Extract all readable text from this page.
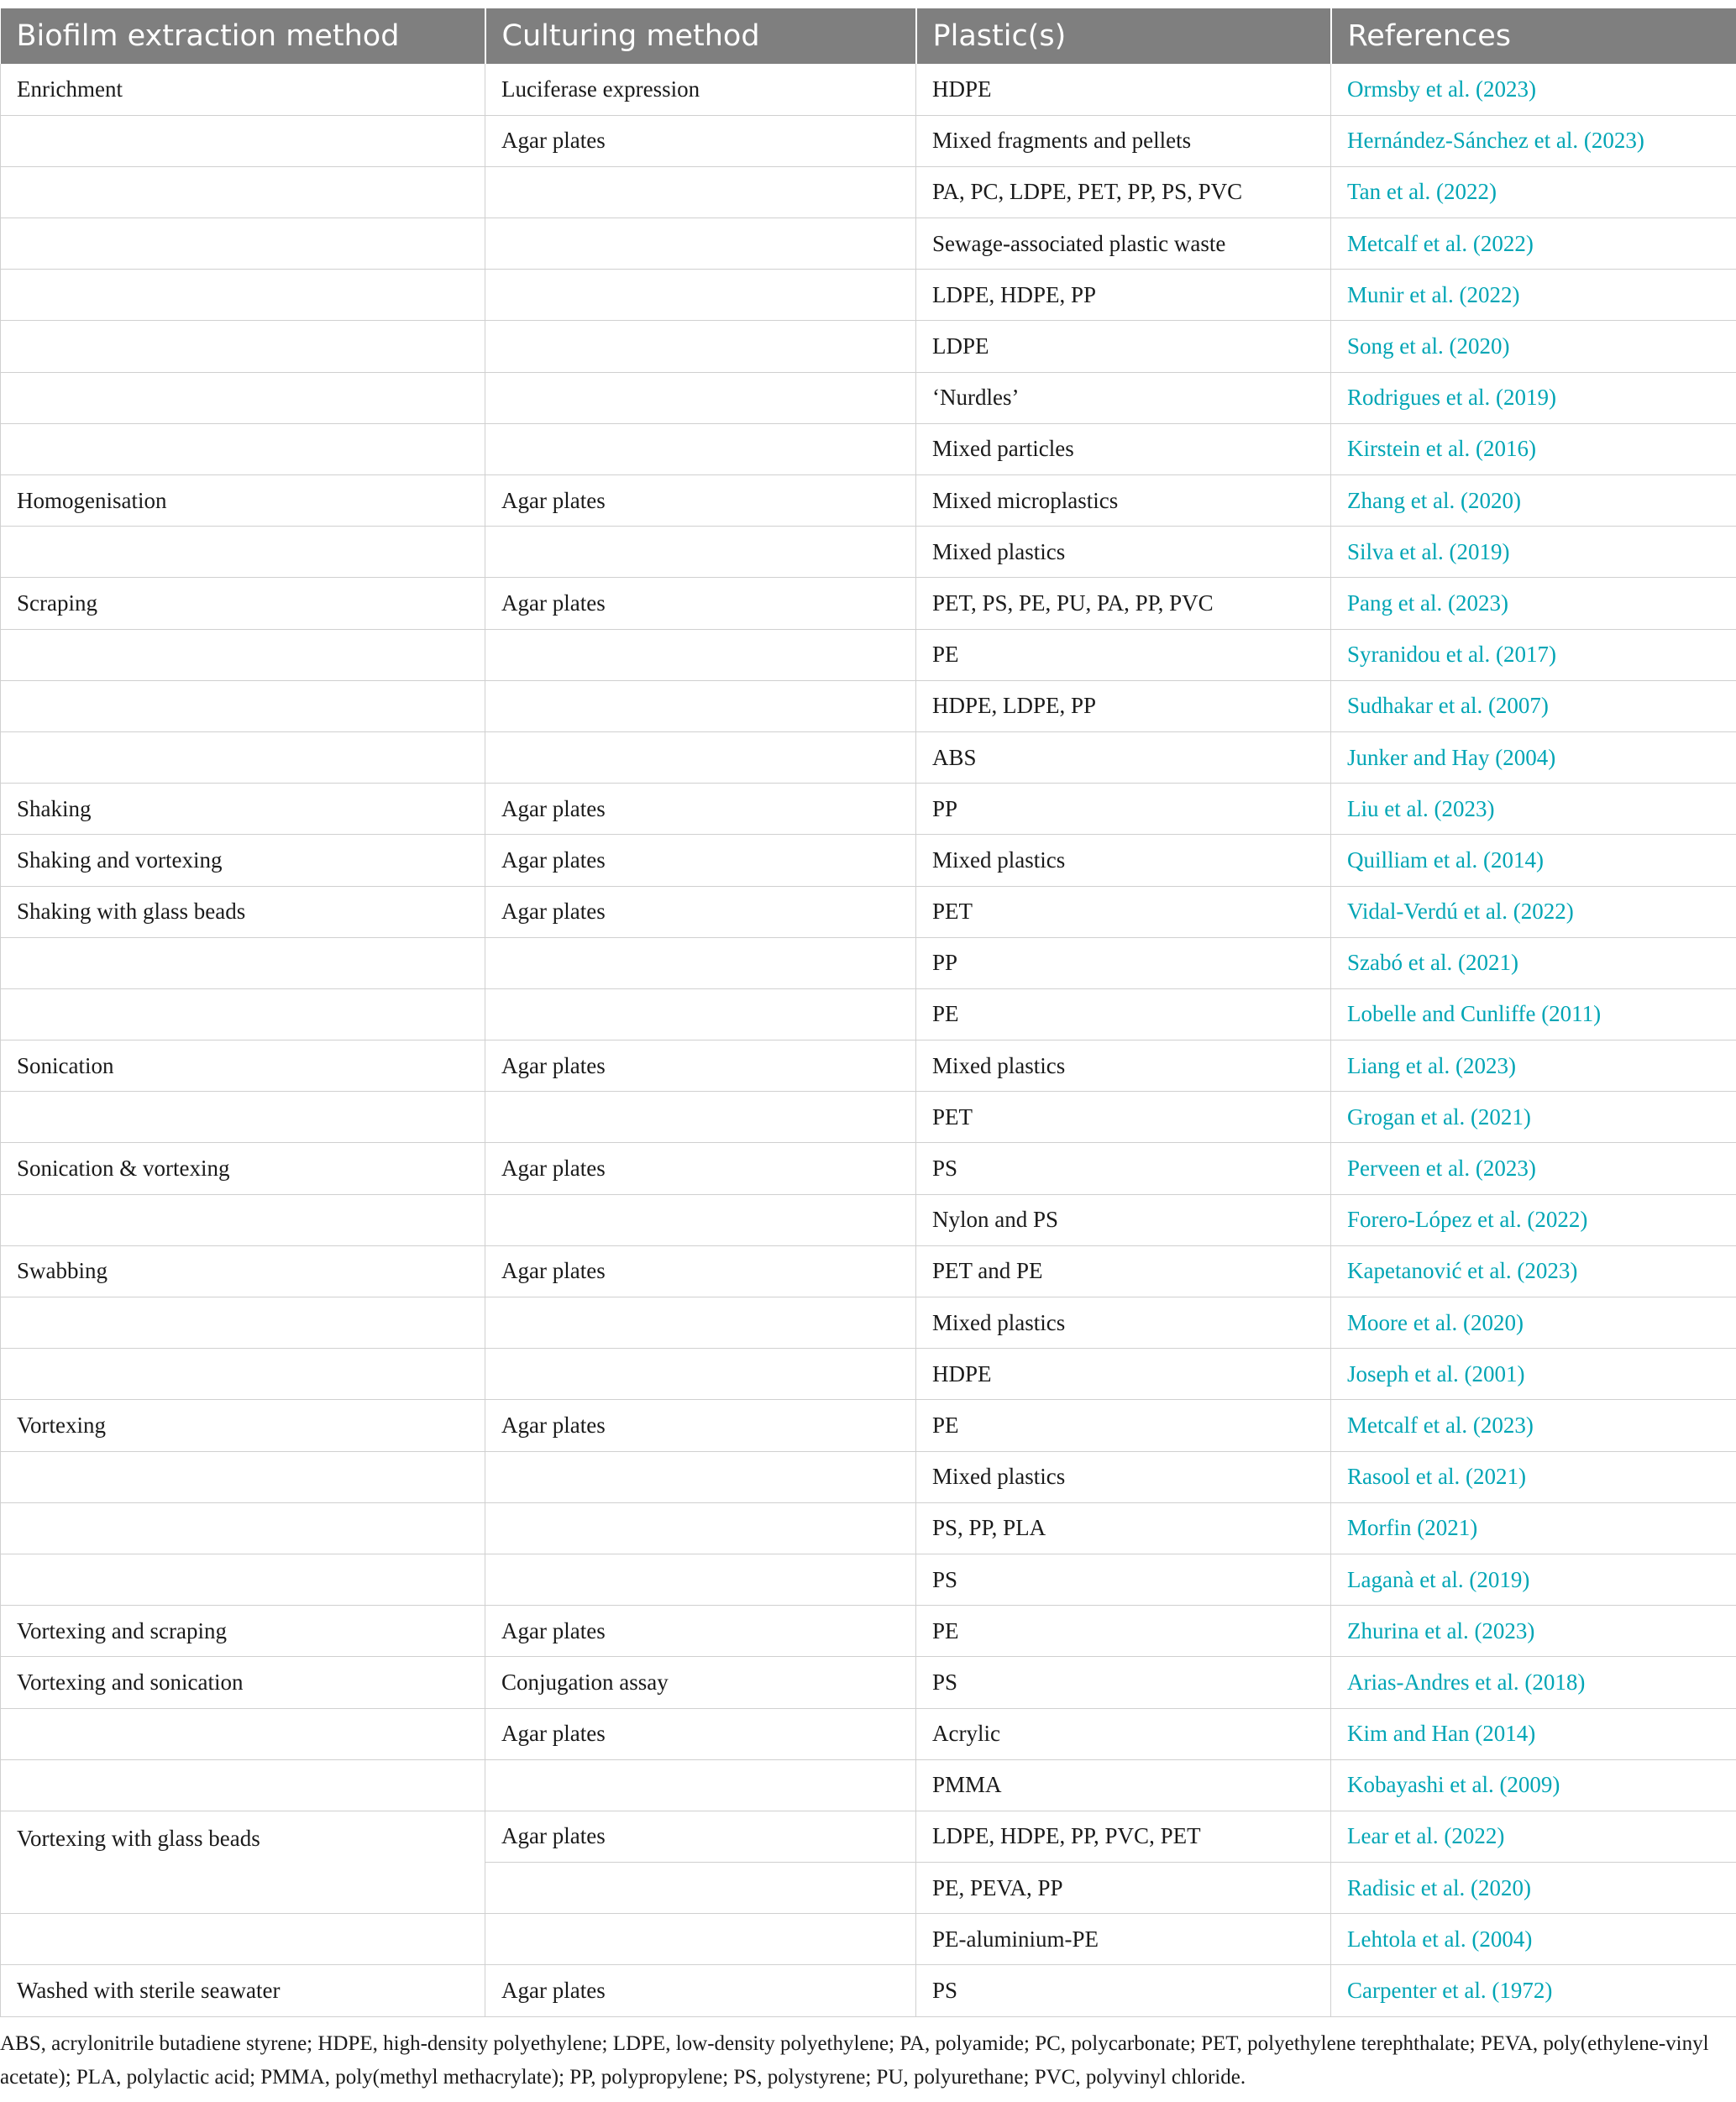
Biofilm extraction method	Culturing method	Plastic(s)	References
Enrichment	Luciferase expression	HDPE	Ormsby et al. (2023)
	Agar plates	Mixed fragments and pellets	Hernández-Sánchez et al. (2023)
		PA, PC, LDPE, PET, PP, PS, PVC	Tan et al. (2022)
		Sewage-associated plastic waste	Metcalf et al. (2022)
		LDPE, HDPE, PP	Munir et al. (2022)
		LDPE	Song et al. (2020)
		‘Nurdles’	Rodrigues et al. (2019)
		Mixed particles	Kirstein et al. (2016)
Homogenisation	Agar plates	Mixed microplastics	Zhang et al. (2020)
		Mixed plastics	Silva et al. (2019)
Scraping	Agar plates	PET, PS, PE, PU, PA, PP, PVC	Pang et al. (2023)
		PE	Syranidou et al. (2017)
		HDPE, LDPE, PP	Sudhakar et al. (2007)
		ABS	Junker and Hay (2004)
Shaking	Agar plates	PP	Liu et al. (2023)
Shaking and vortexing	Agar plates	Mixed plastics	Quilliam et al. (2014)
Shaking with glass beads	Agar plates	PET	Vidal-Verdú et al. (2022)
		PP	Szabó et al. (2021)
		PE	Lobelle and Cunliffe (2011)
Sonication	Agar plates	Mixed plastics	Liang et al. (2023)
		PET	Grogan et al. (2021)
Sonication & vortexing	Agar plates	PS	Perveen et al. (2023)
		Nylon and PS	Forero-López et al. (2022)
Swabbing	Agar plates	PET and PE	Kapetanović et al. (2023)
		Mixed plastics	Moore et al. (2020)
		HDPE	Joseph et al. (2001)
Vortexing	Agar plates	PE	Metcalf et al. (2023)
		Mixed plastics	Rasool et al. (2021)
		PS, PP, PLA	Morfin (2021)
		PS	Laganà et al. (2019)
Vortexing and scraping	Agar plates	PE	Zhurina et al. (2023)
Vortexing and sonication	Conjugation assay	PS	Arias-Andres et al. (2018)
	Agar plates	Acrylic	Kim and Han (2014)
		PMMA	Kobayashi et al. (2009)
Vortexing with glass beads	Agar plates	LDPE, HDPE, PP, PVC, PET	Lear et al. (2022)
		PE, PEVA, PP	Radisic et al. (2020)
		PE-aluminium-PE	Lehtola et al. (2004)
Washed with sterile seawater	Agar plates	PS	Carpenter et al. (1972)
ABS, acrylonitrile butadiene styrene; HDPE, high-density polyethylene; LDPE, low-density polyethylene; PA, polyamide; PC, polycarbonate; PET, polyethylene terephthalate; PEVA, poly(ethylene-vinyl acetate); PLA, polylactic acid; PMMA, poly(methyl methacrylate); PP, polypropylene; PS, polystyrene; PU, polyurethane; PVC, polyvinyl chloride.
